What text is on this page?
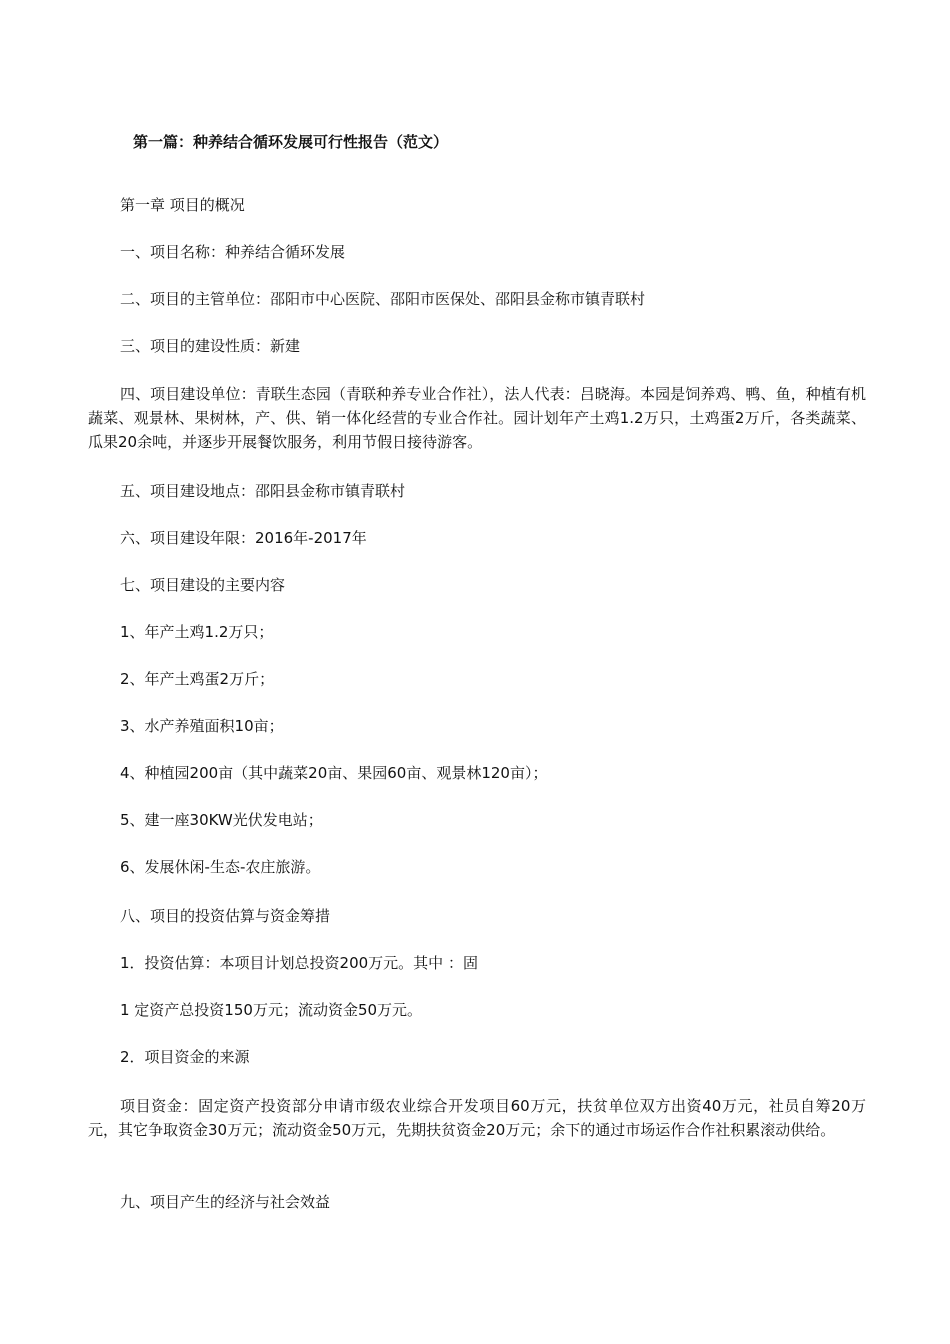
第一篇：种养结合循环发展可行性报告（范文）
第一章 项目的概况
一、项目名称：种养结合循环发展
二、项目的主管单位：邵阳市中心医院、邵阳市医保处、邵阳县金称市镇青联村
三、项目的建设性质：新建
四、项目建设单位：青联生态园（青联种养专业合作社），法人代表：吕晓海。本园是饲养鸡、鸭、鱼，种植有机蔬菜、观景林、果树林，产、供、销一体化经营的专业合作社。园计划年产土鸡1.2万只，土鸡蛋2万斤，各类蔬菜、瓜果20余吨，并逐步开展餐饮服务，利用节假日接待游客。
五、项目建设地点：邵阳县金称市镇青联村
六、项目建设年限：2016年-2017年
七、项目建设的主要内容
1、年产土鸡1.2万只；
2、年产土鸡蛋2万斤；
3、水产养殖面积10亩；
4、种植园200亩（其中蔬菜20亩、果园60亩、观景林120亩）；
5、建一座30KW光伏发电站；
6、发展休闲-生态-农庄旅游。
八、项目的投资估算与资金筹措
1．投资估算：本项目计划总投资200万元。其中 ：固
1 定资产总投资150万元；流动资金50万元。
2．项目资金的来源
项目资金：固定资产投资部分申请市级农业综合开发项目60万元，扶贫单位双方出资40万元，社员自筹20万元，其它争取资金30万元；流动资金50万元，先期扶贫资金20万元；余下的通过市场运作合作社积累滚动供给。
九、项目产生的经济与社会效益
